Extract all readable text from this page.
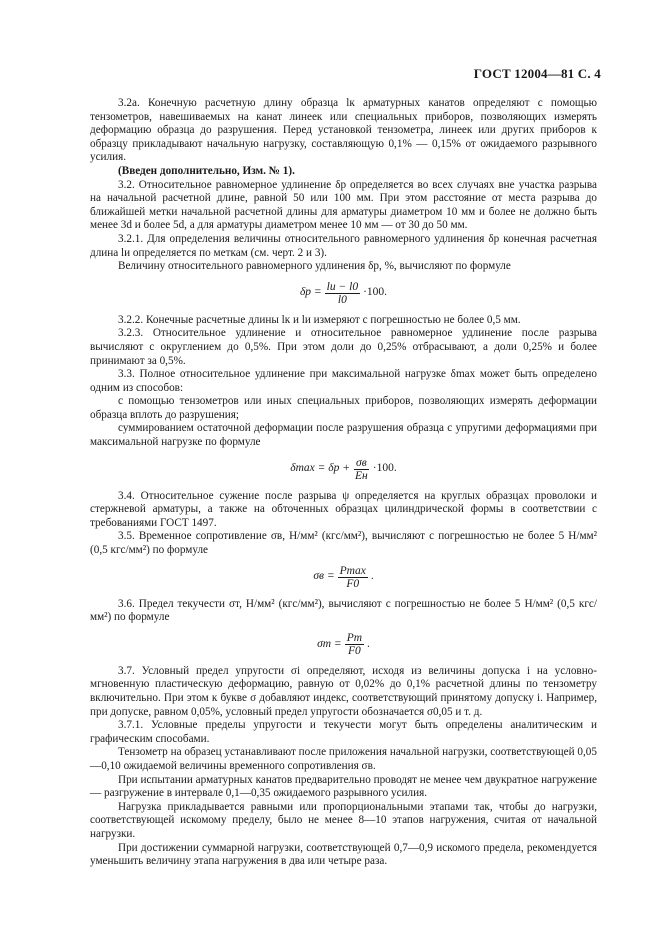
ГОСТ 12004—81 С. 4

3.2а. Конечную расчетную длину образца lк арматурных канатов определяют с помощью тензометров, навешиваемых на канат линеек или специальных приборов, позволяющих измерять деформацию образца до разрушения. Перед установкой тензометра, линеек или других приборов к образцу прикладывают начальную нагрузку, составляющую 0,1% — 0,15% от ожидаемого разрывного усилия.

(Введен дополнительно, Изм. № 1).

3.2. Относительное равномерное удлинение δр определяется во всех случаях вне участка разрыва на начальной расчетной длине, равной 50 или 100 мм. При этом расстояние от места разрыва до ближайшей метки начальной расчетной длины для арматуры диаметром 10 мм и более не должно быть менее 3d и более 5d, а для арматуры диаметром менее 10 мм — от 30 до 50 мм.

3.2.1. Для определения величины относительного равномерного удлинения δр конечная расчетная длина lи определяется по меткам (см. черт. 2 и 3).

Величину относительного равномерного удлинения δр, %, вычисляют по формуле

$\delta р = \frac{lи - l0}{l0} \cdot 100$.

3.2.2. Конечные расчетные длины lк и lи измеряют с погрешностью не более 0,5 мм.

3.2.3. Относительное удлинение и относительное равномерное удлинение после разрыва вычисляют с округлением до 0,5%. При этом доли до 0,25% отбрасывают, а доли 0,25% и более принимают за 0,5%.

3.3. Полное относительное удлинение при максимальной нагрузке δmax может быть определено одним из способов:

с помощью тензометров или иных специальных приборов, позволяющих измерять деформации образца вплоть до разрушения;

суммированием остаточной деформации после разрушения образца с упругими деформациями при максимальной нагрузке по формуле

$\delta\max = \delta р + \frac{\sigma в}{Eн} \cdot 100$.

3.4. Относительное сужение после разрыва ψ определяется на круглых образцах проволоки и стержневой арматуры, а также на обточенных образцах цилиндрической формы в соответствии с требованиями ГОСТ 1497.

3.5. Временное сопротивление σв, Н/мм² (кгс/мм²), вычисляют с погрешностью не более 5 Н/мм² (0,5 кгс/мм²) по формуле

$\sigma в = \frac{Pmax}{F0}$ .

3.6. Предел текучести σт, Н/мм² (кгс/мм²), вычисляют с погрешностью не более 5 Н/мм² (0,5 кгс/мм²) по формуле

$\sigma т = \frac{Pт}{F0}$ .

3.7. Условный предел упругости σi определяют, исходя из величины допуска i на условно-мгновенную пластическую деформацию, равную от 0,02% до 0,1% расчетной длины по тензометру включительно. При этом к букве σ добавляют индекс, соответствующий принятому допуску i. Например, при допуске, равном 0,05%, условный предел упругости обозначается σ0,05 и т. д.

3.7.1. Условные пределы упругости и текучести могут быть определены аналитическим и графическим способами.

Тензометр на образец устанавливают после приложения начальной нагрузки, соответствующей 0,05—0,10 ожидаемой величины временного сопротивления σв.

При испытании арматурных канатов предварительно проводят не менее чем двукратное нагружение — разгружение в интервале 0,1—0,35 ожидаемого разрывного усилия.

Нагрузка прикладывается равными или пропорциональными этапами так, чтобы до нагрузки, соответствующей искомому пределу, было не менее 8—10 этапов нагружения, считая от начальной нагрузки.

При достижении суммарной нагрузки, соответствующей 0,7—0,9 искомого предела, рекомендуется уменьшить величину этапа нагружения в два или четыре раза.
